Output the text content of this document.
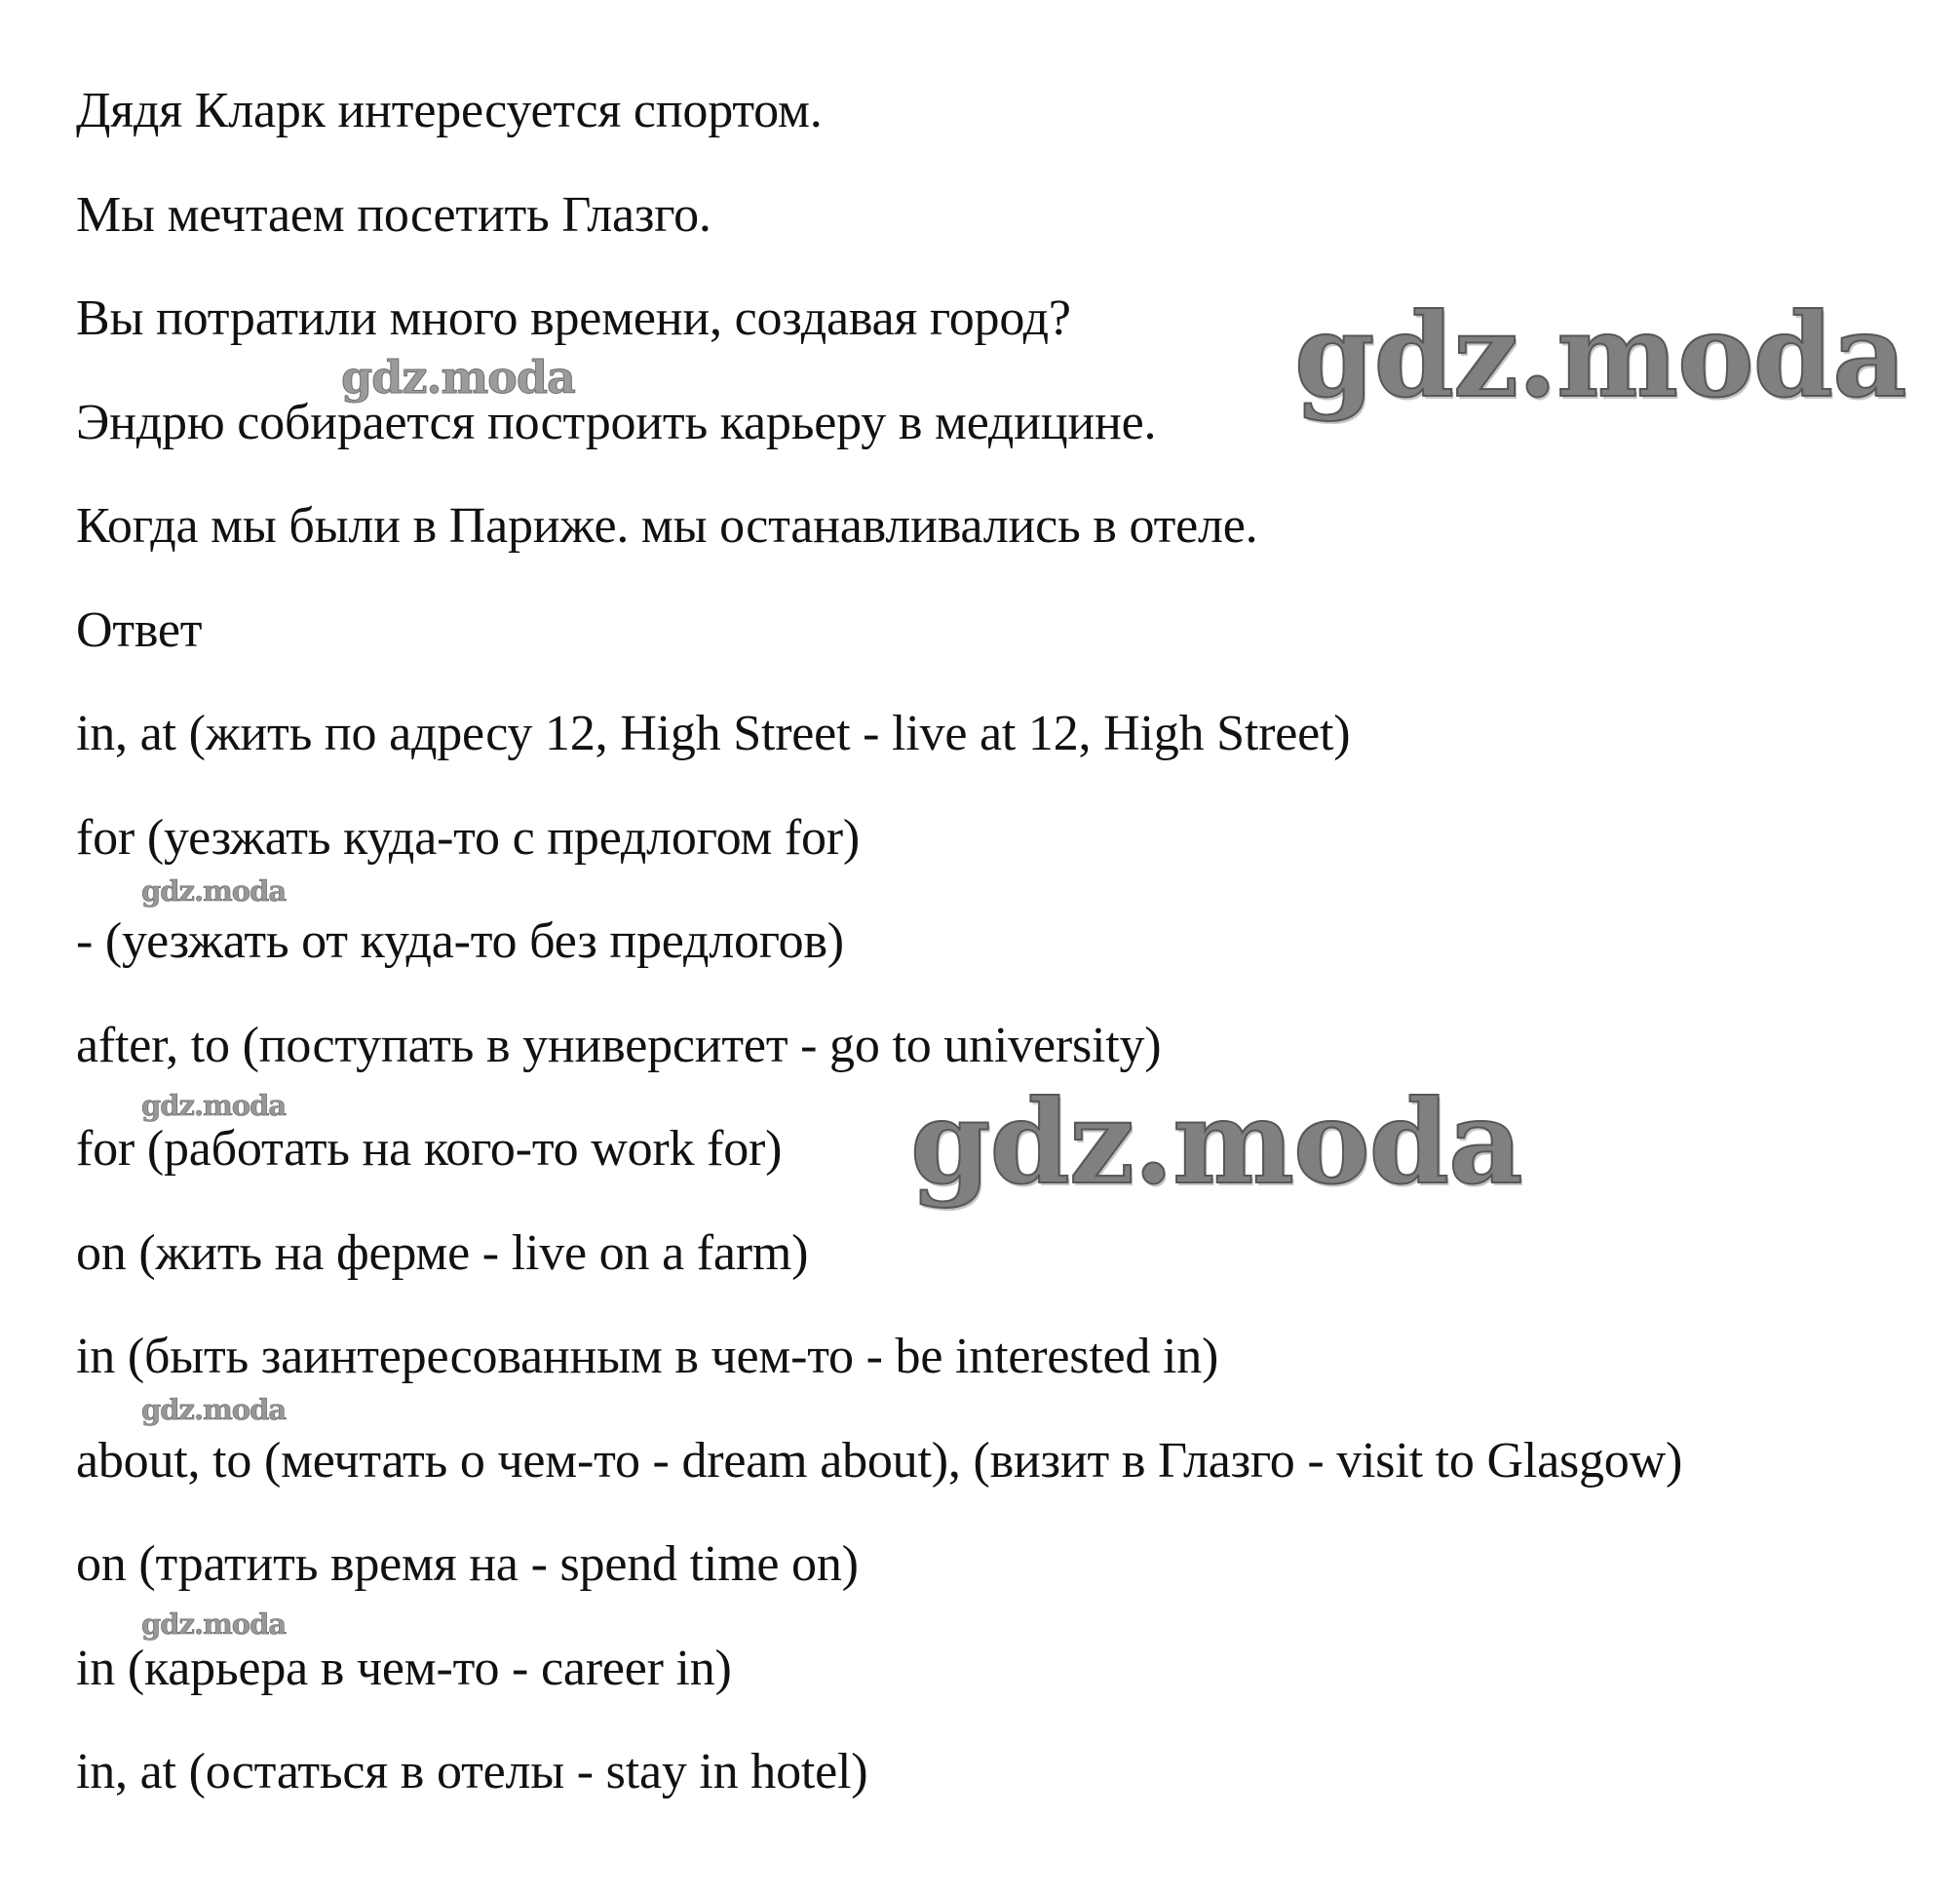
Дядя Кларк интересуется спортом.
Мы мечтаем посетить Глазго.
Вы потратили много времени, создавая город?
Эндрю собирается построить карьеру в медицине.
Когда мы были в Париже. мы останавливались в отеле.
Ответ
in, at (жить по адресу 12, High Street - live at 12, High Street)
for (уезжать куда-то с предлогом for)
- (уезжать от куда-то без предлогов)
after, to (поступать в университет - go to university)
for (работать на кого-то work for)
on (жить на ферме - live on a farm)
in (быть заинтересованным в чем-то - be interested in)
about, to (мечтать о чем-то - dream about), (визит в Глазго - visit to Glasgow)
on (тратить время на - spend time on)
in (карьера в чем-то - career in)
in, at (остаться в отелы - stay in hotel)
gdz.moda
gdz.moda
gdz.moda
gdz.moda	gdz.moda
gdz.moda
gdz.moda
